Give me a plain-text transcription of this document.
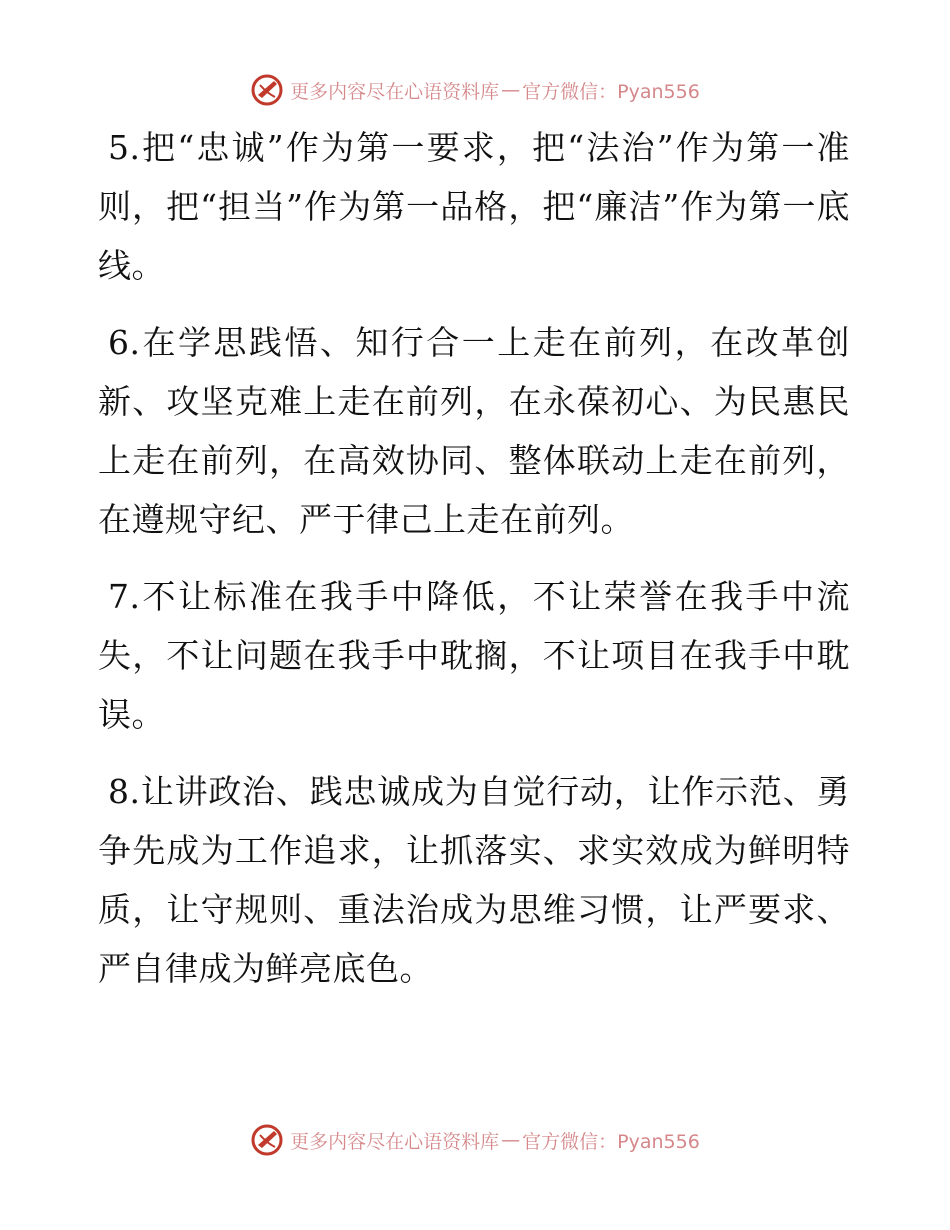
更多内容尽在心语资料库 — 官方微信：Pyan556

5.把“忠诚”作为第一要求，把“法治”作为第一准则，把“担当”作为第一品格，把“廉洁”作为第一底线。

6.在学思践悟、知行合一上走在前列，在改革创新、攻坚克难上走在前列，在永葆初心、为民惠民上走在前列，在高效协同、整体联动上走在前列，在遵规守纪、严于律己上走在前列。

7.不让标准在我手中降低，不让荣誉在我手中流失，不让问题在我手中耽搁，不让项目在我手中耽误。

8.让讲政治、践忠诚成为自觉行动，让作示范、勇争先成为工作追求，让抓落实、求实效成为鲜明特质，让守规则、重法治成为思维习惯，让严要求、严自律成为鲜亮底色。

更多内容尽在心语资料库 — 官方微信：Pyan556
